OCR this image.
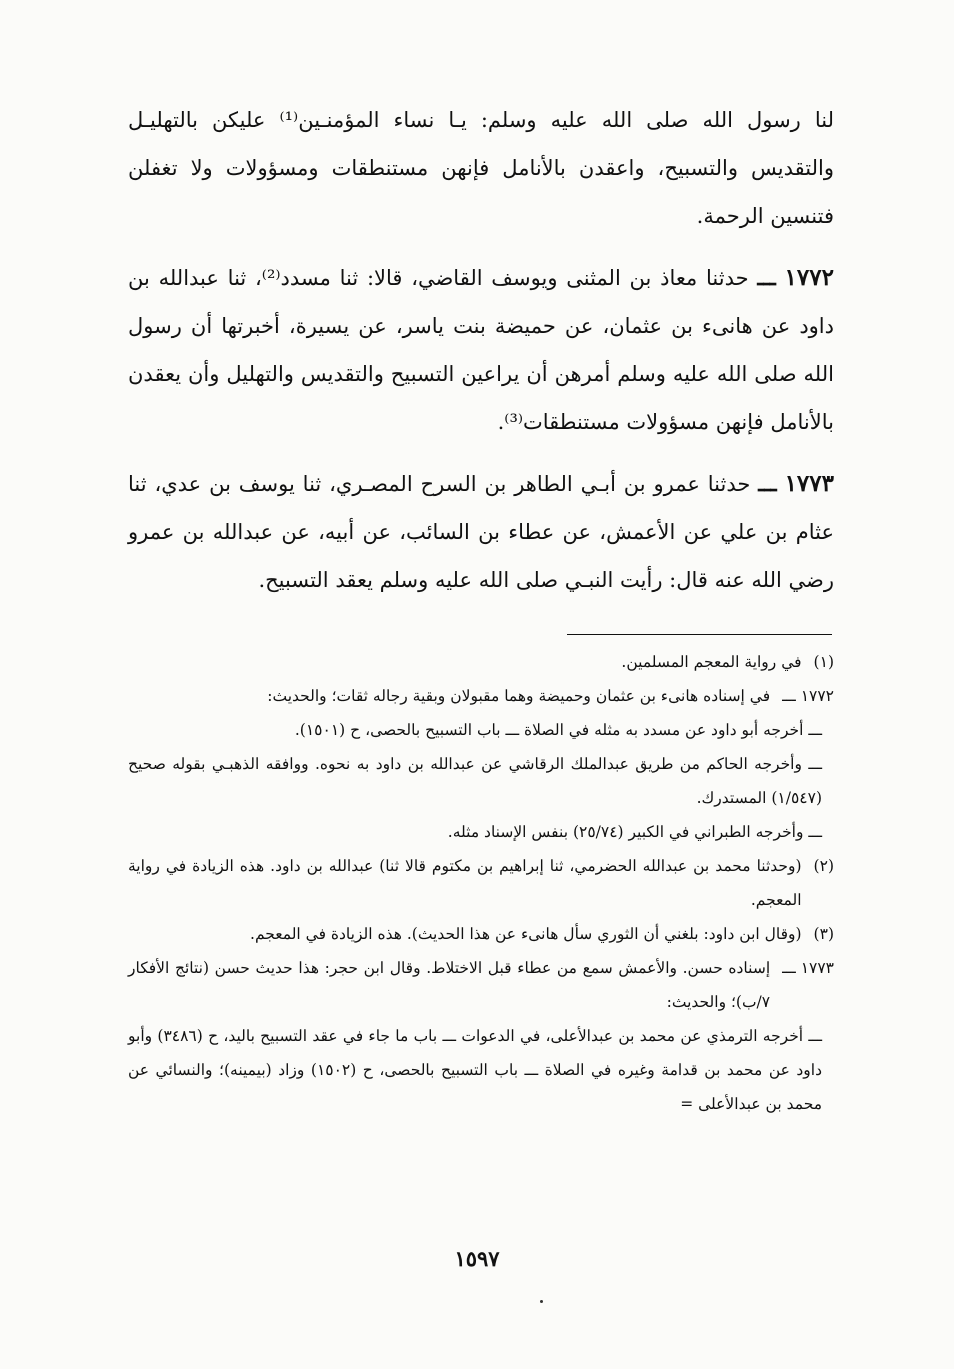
لنا رسول الله صلى الله عليه وسلم: يـا نساء المؤمنـين⁽¹⁾ عليكن بالتهليـل والتقديس والتسبيح، واعقدن بالأنامل فإنهن مستنطقات ومسؤولات ولا تغفلن فتنسين الرحمة.

١٧٧٢ ـــ حدثنا معاذ بن المثنى ويوسف القاضي، قالا: ثنا مسدد⁽²⁾، ثنا عبدالله بن داود عن هانىء بن عثمان، عن حميضة بنت ياسر، عن يسيرة، أخبرتها أن رسول الله صلى الله عليه وسلم أمرهن أن يراعين التسبيح والتقديس والتهليل وأن يعقدن بالأنامل فإنهن مسؤولات مستنطقات⁽³⁾.

١٧٧٣ ـــ حدثنا عمرو بن أبـي الطاهر بن السرح المصـري، ثنا يوسف بن عدي، ثنا عثام بن علي عن الأعمش، عن عطاء بن السائب، عن أبيه، عن عبدالله بن عمرو رضي الله عنه قال: رأيت النبـي صلى الله عليه وسلم يعقد التسبيح.

(١)
في رواية المعجم المسلمين.
١٧٧٢ ـــ
في إسناده هانىء بن عثمان وحميضة وهما مقبولان وبقية رجاله ثقات؛ والحديث:
ـــ أخرجه أبو داود عن مسدد به مثله في الصلاة ـــ باب التسبيح بالحصى، ح (١٥٠١).
ـــ وأخرجه الحاكم من طريق عبدالملك الرقاشي عن عبدالله بن داود به نحوه. ووافقه الذهبـي بقوله صحيح (١/٥٤٧) المستدرك.
ـــ وأخرجه الطبراني في الكبير (٢٥/٧٤) بنفس الإسناد مثله.
(٢)
(وحدثنا محمد بن عبدالله الحضرمي، ثنا إبراهيم بن مكتوم قالا ثنا) عبدالله بن داود. هذه الزيادة في رواية المعجم.
(٣)
(وقال ابن داود: بلغني أن الثوري سأل هانىء عن هذا الحديث). هذه الزيادة في المعجم.
١٧٧٣ ـــ
إسناده حسن. والأعمش سمع من عطاء قبل الاختلاط. وقال ابن حجر: هذا حديث حسن (نتائج الأفكار ٧/ب)؛ والحديث:
ـــ أخرجه الترمذي عن محمد بن عبدالأعلى، في الدعوات ـــ باب ما جاء في عقد التسبيح باليد، ح (٣٤٨٦) وأبو داود عن محمد بن قدامة وغيره في الصلاة ـــ باب التسبيح بالحصى، ح (١٥٠٢) وزاد (بيمينه)؛ والنسائي عن محمد بن عبدالأعلى =
١٥٩٧
